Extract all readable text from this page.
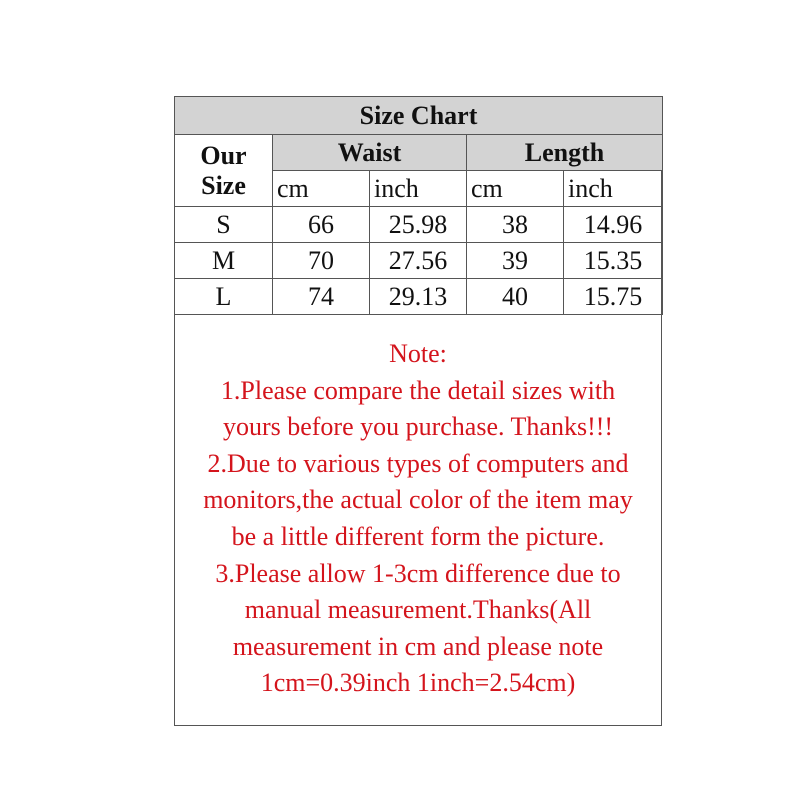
Size Chart				

Our
Size	Waist		Length	
	cm	inch	cm	inch
S	66	25.98	38	14.96
M	70	27.56	39	15.35
L	74	29.13	40	15.75
Note:
1.Please compare the detail sizes with
yours before you purchase. Thanks!!!
2.Due to various types of computers and
monitors,the actual color of the item may
be a little different form the picture.
3.Please allow 1-3cm difference due to
manual measurement.Thanks(All
measurement in cm and please note
1cm=0.39inch 1inch=2.54cm)
